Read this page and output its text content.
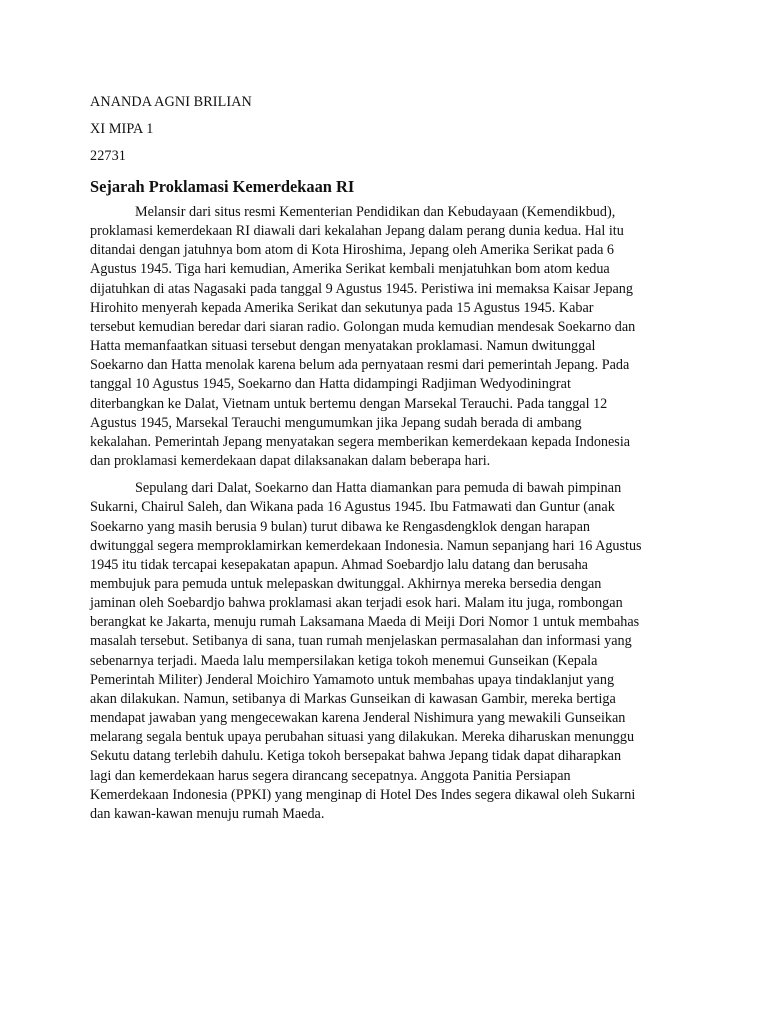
ANANDA AGNI BRILIAN
XI MIPA 1
22731
Sejarah Proklamasi Kemerdekaan RI
Melansir dari situs resmi Kementerian Pendidikan dan Kebudayaan (Kemendikbud),
proklamasi kemerdekaan RI diawali dari kekalahan Jepang dalam perang dunia kedua. Hal itu
ditandai dengan jatuhnya bom atom di Kota Hiroshima, Jepang oleh Amerika Serikat pada 6
Agustus 1945. Tiga hari kemudian, Amerika Serikat kembali menjatuhkan bom atom kedua
dijatuhkan di atas Nagasaki pada tanggal 9 Agustus 1945. Peristiwa ini memaksa Kaisar Jepang
Hirohito menyerah kepada Amerika Serikat dan sekutunya pada 15 Agustus 1945. Kabar
tersebut kemudian beredar dari siaran radio. Golongan muda kemudian mendesak Soekarno dan
Hatta memanfaatkan situasi tersebut dengan menyatakan proklamasi. Namun dwitunggal
Soekarno dan Hatta menolak karena belum ada pernyataan resmi dari pemerintah Jepang. Pada
tanggal 10 Agustus 1945, Soekarno dan Hatta didampingi Radjiman Wedyodiningrat
diterbangkan ke Dalat, Vietnam untuk bertemu dengan Marsekal Terauchi. Pada tanggal 12
Agustus 1945, Marsekal Terauchi mengumumkan jika Jepang sudah berada di ambang
kekalahan. Pemerintah Jepang menyatakan segera memberikan kemerdekaan kepada Indonesia
dan proklamasi kemerdekaan dapat dilaksanakan dalam beberapa hari.
Sepulang dari Dalat, Soekarno dan Hatta diamankan para pemuda di bawah pimpinan
Sukarni, Chairul Saleh, dan Wikana pada 16 Agustus 1945. Ibu Fatmawati dan Guntur (anak
Soekarno yang masih berusia 9 bulan) turut dibawa ke Rengasdengklok dengan harapan
dwitunggal segera memproklamirkan kemerdekaan Indonesia. Namun sepanjang hari 16 Agustus
1945 itu tidak tercapai kesepakatan apapun. Ahmad Soebardjo lalu datang dan berusaha
membujuk para pemuda untuk melepaskan dwitunggal. Akhirnya mereka bersedia dengan
jaminan oleh Soebardjo bahwa proklamasi akan terjadi esok hari. Malam itu juga, rombongan
berangkat ke Jakarta, menuju rumah Laksamana Maeda di Meiji Dori Nomor 1 untuk membahas
masalah tersebut. Setibanya di sana, tuan rumah menjelaskan permasalahan dan informasi yang
sebenarnya terjadi. Maeda lalu mempersilakan ketiga tokoh menemui Gunseikan (Kepala
Pemerintah Militer) Jenderal Moichiro Yamamoto untuk membahas upaya tindaklanjut yang
akan dilakukan. Namun, setibanya di Markas Gunseikan di kawasan Gambir, mereka bertiga
mendapat jawaban yang mengecewakan karena Jenderal Nishimura yang mewakili Gunseikan
melarang segala bentuk upaya perubahan situasi yang dilakukan. Mereka diharuskan menunggu
Sekutu datang terlebih dahulu. Ketiga tokoh bersepakat bahwa Jepang tidak dapat diharapkan
lagi dan kemerdekaan harus segera dirancang secepatnya. Anggota Panitia Persiapan
Kemerdekaan Indonesia (PPKI) yang menginap di Hotel Des Indes segera dikawal oleh Sukarni
dan kawan-kawan menuju rumah Maeda.
